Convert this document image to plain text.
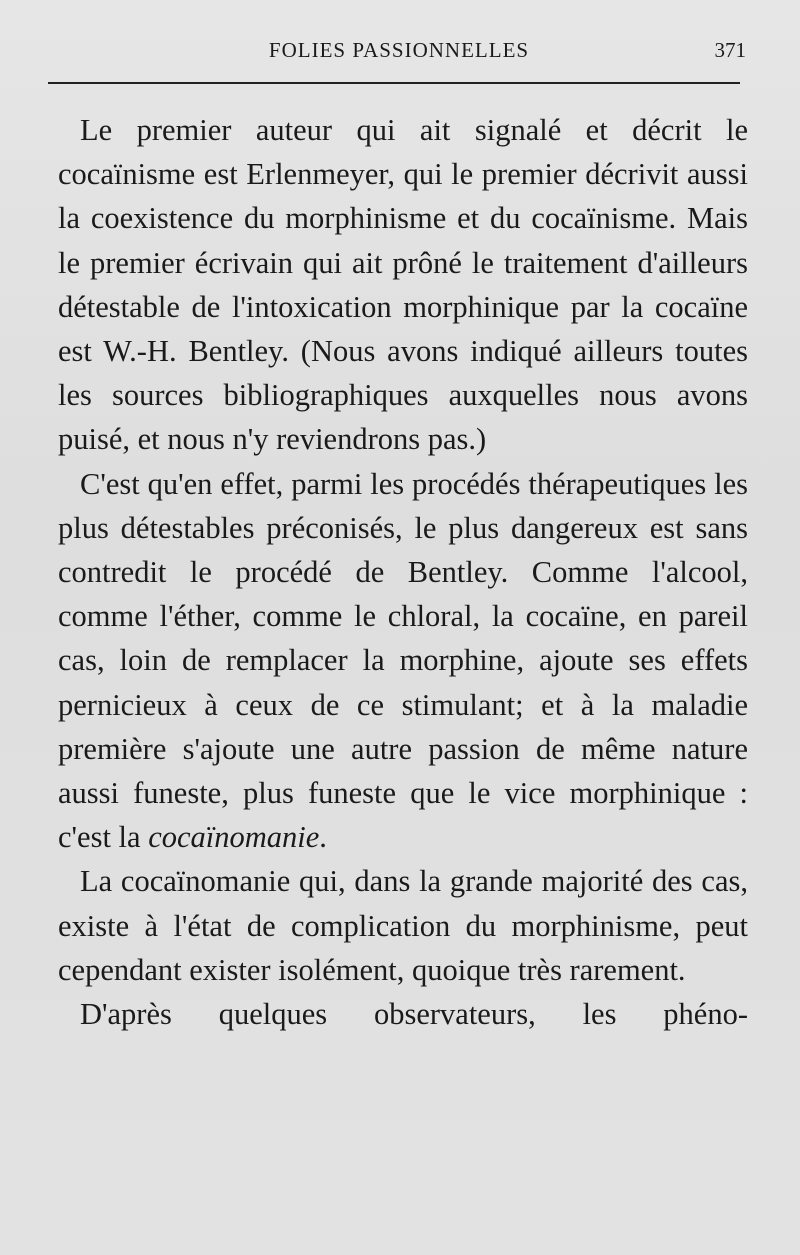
FOLIES PASSIONNELLES	371

Le premier auteur qui ait signalé et décrit le cocaïnisme est Erlenmeyer, qui le premier décrivit aussi la coexistence du morphinisme et du cocaïnisme. Mais le premier écrivain qui ait prôné le traitement d'ailleurs détestable de l'intoxication morphinique par la cocaïne est W.-H. Bentley. (Nous avons indiqué ailleurs toutes les sources bibliographiques auxquelles nous avons puisé, et nous n'y reviendrons pas.)

C'est qu'en effet, parmi les procédés thérapeutiques les plus détestables préconisés, le plus dangereux est sans contredit le procédé de Bentley. Comme l'alcool, comme l'éther, comme le chloral, la cocaïne, en pareil cas, loin de remplacer la morphine, ajoute ses effets pernicieux à ceux de ce stimulant; et à la maladie première s'ajoute une autre passion de même nature aussi funeste, plus funeste que le vice morphinique : c'est la cocaïnomanie.

La cocaïnomanie qui, dans la grande majorité des cas, existe à l'état de complication du morphinisme, peut cependant exister isolément, quoique très rarement.

D'après quelques observateurs, les phéno-
